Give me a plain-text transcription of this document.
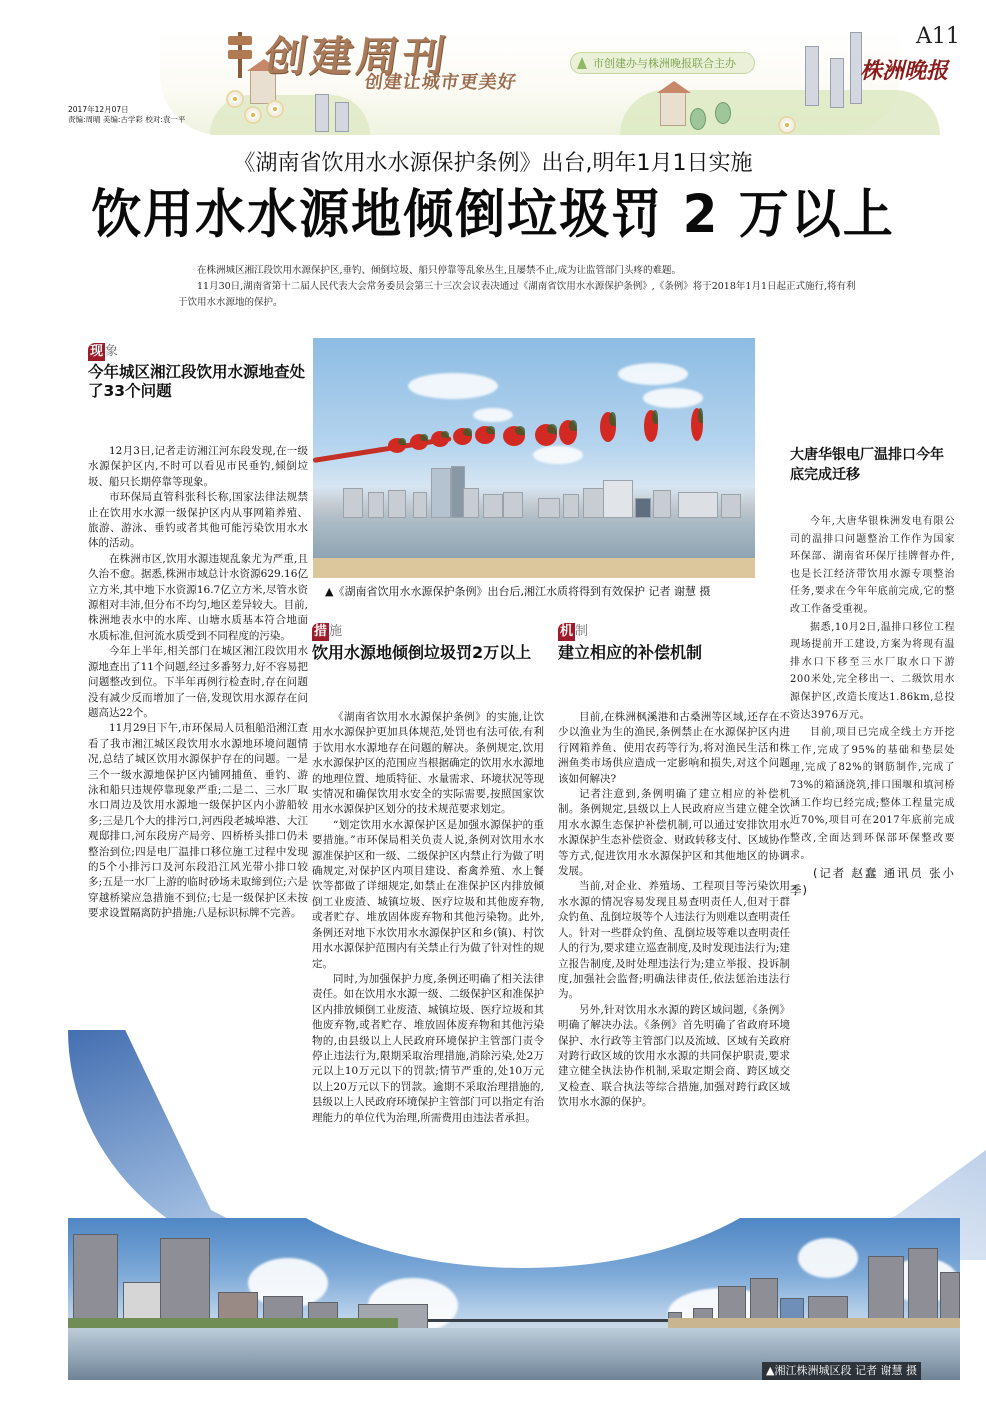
创建周刊
创建让城市更美好
市创建办与株洲晚报联合主办
A11
株洲晚报
2017年12月07日
责编:周晴 美编:古学彩 校对:袁一平
《湖南省饮用水水源保护条例》出台,明年1月1日实施
饮用水水源地倾倒垃圾罚 2 万以上

在株洲城区湘江段饮用水源保护区,垂钓、倾倒垃圾、船只停靠等乱象丛生,且屡禁不止,成为让监管部门头疼的难题。

11月30日,湖南省第十二届人民代表大会常务委员会第三十三次会议表决通过《湖南省饮用水水源保护条例》,《条例》将于2018年1月1日起正式施行,将有利于饮用水水源地的保护。

现 象
今年城区湘江段饮用水源地查处了33个问题

12月3日,记者走访湘江河东段发现,在一级水源保护区内,不时可以看见市民垂钓,倾倒垃圾、船只长期停靠等现象。

市环保局直管科张科长称,国家法律法规禁止在饮用水水源一级保护区内从事网箱养殖、旅游、游泳、垂钓或者其他可能污染饮用水水体的活动。

在株洲市区,饮用水源违规乱象尤为严重,且久治不愈。据悉,株洲市域总计水资源629.16亿立方米,其中地下水资源16.7亿立方米,尽管水资源相对丰沛,但分布不均匀,地区差异较大。目前,株洲地表水中的水库、山塘水质基本符合地面水质标准,但河流水质受到不同程度的污染。

今年上半年,相关部门在城区湘江段饮用水源地查出了11个问题,经过多番努力,好不容易把问题整改到位。下半年再例行检查时,存在问题没有减少反而增加了一倍,发现饮用水源存在问题高达22个。

11月29日下午,市环保局人员租船沿湘江查看了我市湘江城区段饮用水水源地环境问题情况,总结了城区饮用水源保护存在的问题。一是三个一级水源地保护区内铺网捕鱼、垂钓、游泳和船只违规停靠现象严重;二是二、三水厂取水口周边及饮用水源地一级保护区内小游船较多;三是几个大的排污口,河西段老城埠港、大江观邸排口,河东段房产局旁、四桥桥头排口仍未整治到位;四是电厂温排口移位施工过程中发现的5个小排污口及河东段沿江风光带小排口较多;五是一水厂上游的临时砂场未取缔到位;六是穿越桥梁应急措施不到位;七是一级保护区未按要求设置隔离防护措施;八是标识标牌不完善。

▲《湖南省饮用水水源保护条例》出台后,湘江水质将得到有效保护 记者 谢慧 摄
措 施
饮用水源地倾倒垃圾罚2万以上

《湖南省饮用水水源保护条例》的实施,让饮用水水源保护更加具体规范,处罚也有法可依,有利于饮用水水源地存在问题的解决。条例规定,饮用水水源保护区的范围应当根据确定的饮用水水源地的地理位置、地质特征、水量需求、环境状况等现实情况和确保饮用水安全的实际需要,按照国家饮用水水源保护区划分的技术规范要求划定。

“划定饮用水水源保护区是加强水源保护的重要措施。”市环保局相关负责人说,条例对饮用水水源准保护区和一级、二级保护区内禁止行为做了明确规定,对保护区内项目建设、畜禽养殖、水上餐饮等都做了详细规定,如禁止在准保护区内排放倾倒工业废渣、城镇垃圾、医疗垃圾和其他废弃物,或者贮存、堆放固体废弃物和其他污染物。此外,条例还对地下水饮用水水源保护区和乡(镇)、村饮用水水源保护范围内有关禁止行为做了针对性的规定。

同时,为加强保护力度,条例还明确了相关法律责任。如在饮用水水源一级、二级保护区和准保护区内排放倾倒工业废渣、城镇垃圾、医疗垃圾和其他废弃物,或者贮存、堆放固体废弃物和其他污染物的,由县级以上人民政府环境保护主管部门责令停止违法行为,限期采取治理措施,消除污染,处2万元以上10万元以下的罚款;情节严重的,处10万元以上20万元以下的罚款。逾期不采取治理措施的,县级以上人民政府环境保护主管部门可以指定有治理能力的单位代为治理,所需费用由违法者承担。

机 制
建立相应的补偿机制

目前,在株洲枫溪港和古桑洲等区域,还存在不少以渔业为生的渔民,条例禁止在水源保护区内进行网箱养鱼、使用农药等行为,将对渔民生活和株洲鱼类市场供应造成一定影响和损失,对这个问题该如何解决?

记者注意到,条例明确了建立相应的补偿机制。条例规定,县级以上人民政府应当建立健全饮用水水源生态保护补偿机制,可以通过安排饮用水水源保护生态补偿资金、财政转移支付、区域协作等方式,促进饮用水水源保护区和其他地区的协调发展。

当前,对企业、养殖场、工程项目等污染饮用水水源的情况容易发现且易查明责任人,但对于群众钓鱼、乱倒垃圾等个人违法行为则难以查明责任人。针对一些群众钓鱼、乱倒垃圾等难以查明责任人的行为,要求建立巡查制度,及时发现违法行为;建立报告制度,及时处理违法行为;建立举报、投诉制度,加强社会监督;明确法律责任,依法惩治违法行为。

另外,针对饮用水水源的跨区域问题,《条例》明确了解决办法。《条例》首先明确了省政府环境保护、水行政等主管部门以及流域、区域有关政府对跨行政区域的饮用水水源的共同保护职责,要求建立健全执法协作机制,采取定期会商、跨区域交叉检查、联合执法等综合措施,加强对跨行政区域饮用水水源的保护。

大唐华银电厂温排口今年底完成迁移

今年,大唐华银株洲发电有限公司的温排口问题整治工作作为国家环保部、湖南省环保厅挂牌督办件,也是长江经济带饮用水源专项整治任务,要求在今年年底前完成,它的整改工作备受重视。

据悉,10月2日,温排口移位工程现场提前开工建设,方案为将现有温排水口下移至三水厂取水口下游200米处,完全移出一、二级饮用水源保护区,改造长度达1.86km,总投资达3976万元。

目前,项目已完成全线土方开挖工作,完成了95%的基础和垫层处理,完成了82%的钢筋制作,完成了73%的箱涵浇筑,排口围堰和填河桥涵工作均已经完成;整体工程量完成近70%,项目可在2017年底前完成整改,全面达到环保部环保整改要求。

(记者 赵蠢 通讯员 张小季)

▲湘江株洲城区段 记者 谢慧 摄
